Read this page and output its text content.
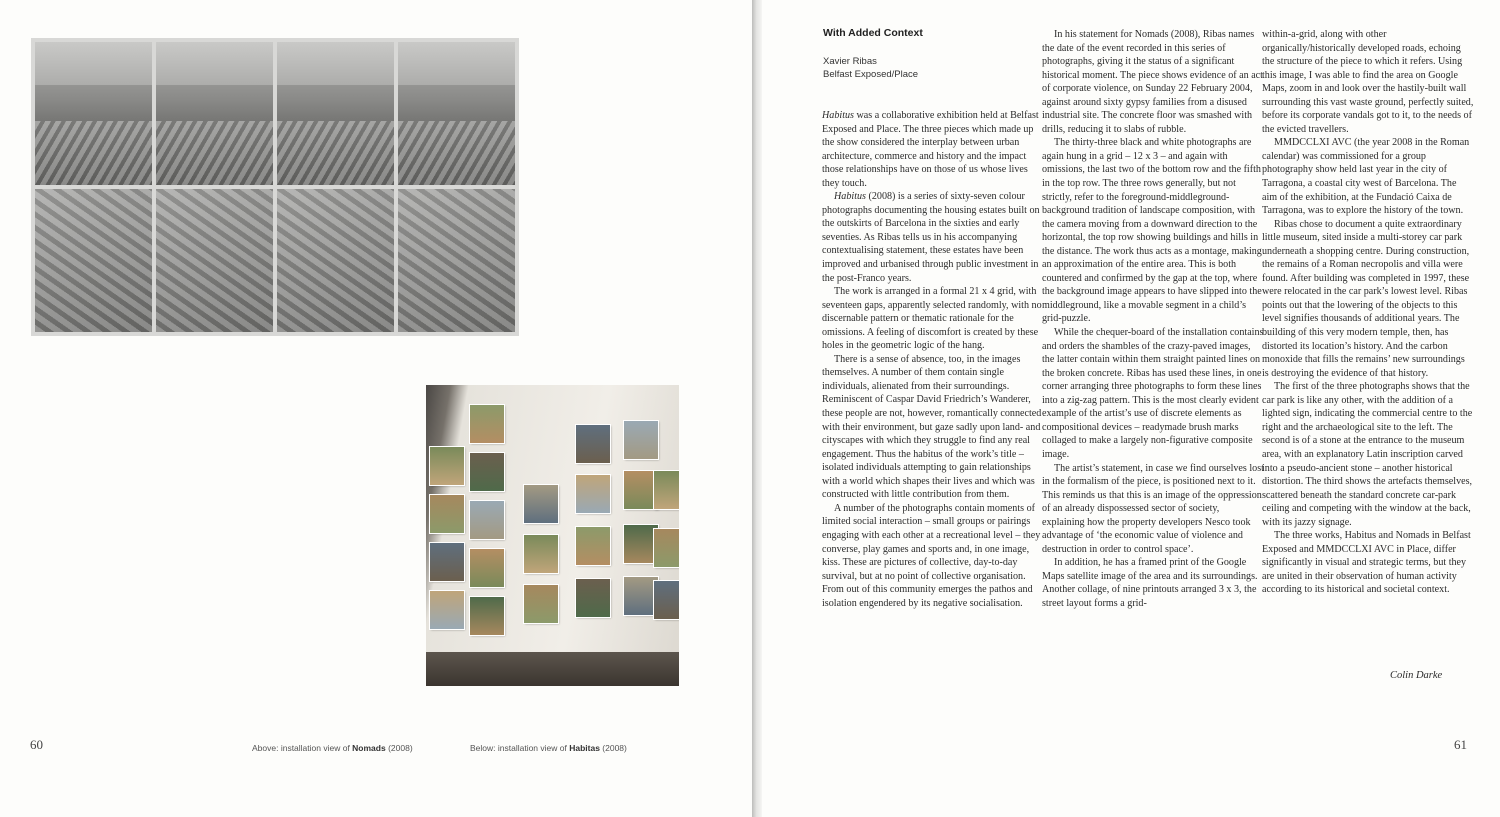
60	Above: installation view of Nomads (2008)	Below: installation view of Habitas (2008)	61
With Added Context
Xavier Ribas
Belfast Exposed/Place

Habitus was a collaborative exhibition held at Belfast Exposed and Place. The three pieces which made up the show considered the interplay between urban architecture, commerce and history and the impact those relationships have on those of us whose lives they touch.

Habitus (2008) is a series of sixty-seven colour photographs documenting the housing estates built on the outskirts of Barcelona in the sixties and early seventies. As Ribas tells us in his accompanying contextualising statement, these estates have been improved and urbanised through public investment in the post-Franco years.

The work is arranged in a formal 21 x 4 grid, with seventeen gaps, apparently selected randomly, with no discernable pattern or thematic rationale for the omissions. A feeling of discomfort is created by these holes in the geometric logic of the hang.

There is a sense of absence, too, in the images themselves. A number of them contain single individuals, alienated from their surroundings. Reminiscent of Caspar David Friedrich’s Wanderer, these people are not, however, romantically connected with their environment, but gaze sadly upon land- and cityscapes with which they struggle to find any real engagement. Thus the habitus of the work’s title – isolated individuals attempting to gain relationships with a world which shapes their lives and which was constructed with little contribution from them.

A number of the photographs contain moments of limited social interaction – small groups or pairings engaging with each other at a recreational level – they converse, play games and sports and, in one image, kiss. These are pictures of collective, day-to-day survival, but at no point of collective organisation. From out of this community emerges the pathos and isolation engendered by its negative socialisation.

In his statement for Nomads (2008), Ribas names the date of the event recorded in this series of photographs, giving it the status of a significant historical moment. The piece shows evidence of an act of corporate violence, on Sunday 22 February 2004, against around sixty gypsy families from a disused industrial site. The concrete floor was smashed with drills, reducing it to slabs of rubble.

The thirty-three black and white photographs are again hung in a grid – 12 x 3 – and again with omissions, the last two of the bottom row and the fifth in the top row. The three rows generally, but not strictly, refer to the foreground-middleground-background tradition of landscape composition, with the camera moving from a downward direction to the horizontal, the top row showing buildings and hills in the distance. The work thus acts as a montage, making an approximation of the entire area. This is both countered and confirmed by the gap at the top, where the background image appears to have slipped into the middleground, like a movable segment in a child’s grid-puzzle.

While the chequer-board of the installation contains and orders the shambles of the crazy-paved images, the latter contain within them straight painted lines on the broken concrete. Ribas has used these lines, in one corner arranging three photographs to form these lines into a zig-zag pattern. This is the most clearly evident example of the artist’s use of discrete elements as compositional devices – readymade brush marks collaged to make a largely non-figurative composite image.

The artist’s statement, in case we find ourselves lost in the formalism of the piece, is positioned next to it. This reminds us that this is an image of the oppression of an already dispossessed sector of society, explaining how the property developers Nesco took advantage of ‘the economic value of violence and destruction in order to control space’.

In addition, he has a framed print of the Google Maps satellite image of the area and its surroundings. Another collage, of nine printouts arranged 3 x 3, the street layout forms a grid-

within-a-grid, along with other organically/historically developed roads, echoing the structure of the piece to which it refers. Using this image, I was able to find the area on Google Maps, zoom in and look over the hastily-built wall surrounding this vast waste ground, perfectly suited, before its corporate vandals got to it, to the needs of the evicted travellers.

MMDCCLXI AVC (the year 2008 in the Roman calendar) was commissioned for a group photography show held last year in the city of Tarragona, a coastal city west of Barcelona. The aim of the exhibition, at the Fundació Caixa de Tarragona, was to explore the history of the town.

Ribas chose to document a quite extraordinary little museum, sited inside a multi-storey car park underneath a shopping centre. During construction, the remains of a Roman necropolis and villa were found. After building was completed in 1997, these were relocated in the car park’s lowest level. Ribas points out that the lowering of the objects to this level signifies thousands of additional years. The building of this very modern temple, then, has distorted its location’s history. And the carbon monoxide that fills the remains’ new surroundings is destroying the evidence of that history.

The first of the three photographs shows that the car park is like any other, with the addition of a lighted sign, indicating the commercial centre to the right and the archaeological site to the left. The second is of a stone at the entrance to the museum area, with an explanatory Latin inscription carved into a pseudo-ancient stone – another historical distortion. The third shows the artefacts themselves, scattered beneath the standard concrete car-park ceiling and competing with the window at the back, with its jazzy signage.

The three works, Habitus and Nomads in Belfast Exposed and MMDCCLXI AVC in Place, differ significantly in visual and strategic terms, but they are united in their observation of human activity according to its historical and societal context.

Colin Darke
